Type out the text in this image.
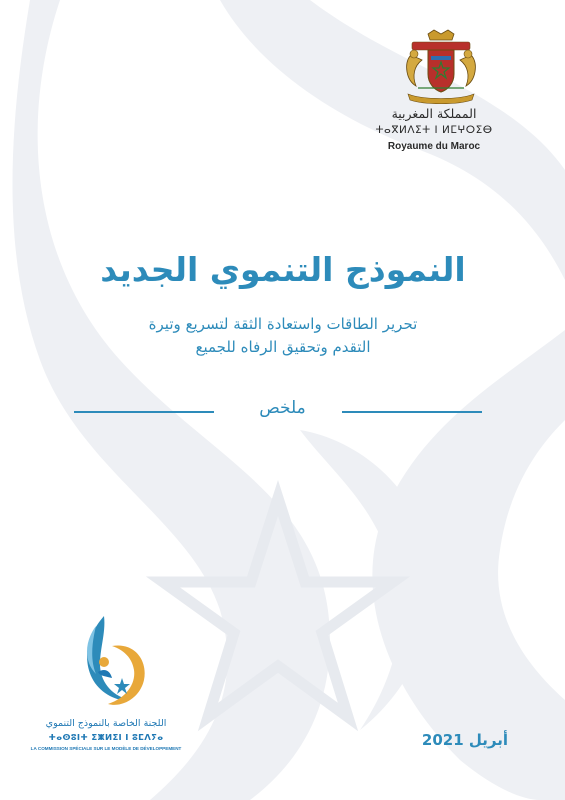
المملكة المغربية
ⵜⴰⴳⵍⴷⵉⵜ ⵏ ⵍⵎⵖⵔⵉⴱ
Royaume du Maroc
النموذج التنموي الجديد
تحرير الطاقات واستعادة الثقة لتسريع وتيرة
التقدم وتحقيق الرفاه للجميع
ملخص
اللجنة الخاصة بالنموذج التنموي
ⵜⴰⵙⵓⵏⵜ ⵉⵥⵍⵉⵏ ⵏ ⵓⵎⴷⵢⴰ
LA COMMISSION SPÉCIALE SUR LE MODÈLE DE DÉVELOPPEMENT	أبريل 2021
